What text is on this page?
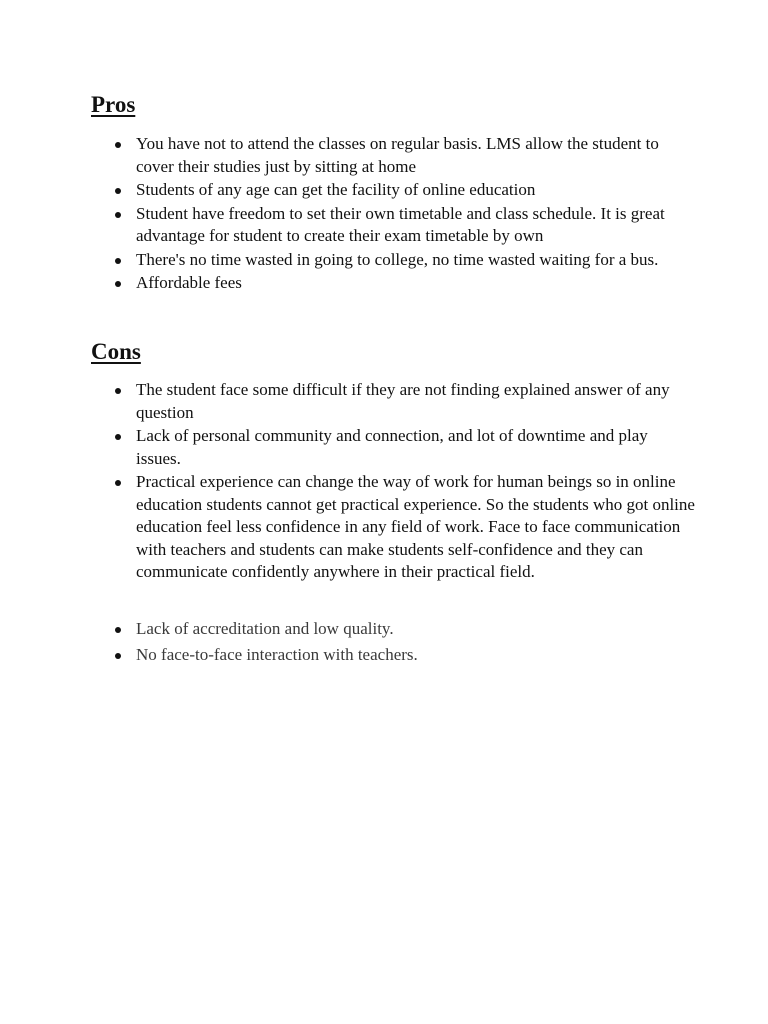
Pros
You have not to attend the classes on regular basis. LMS allow the student to cover their studies just by sitting at home
Students of any age can get the facility of online education
Student have freedom to set their own timetable and class schedule. It is great advantage for student to create their exam timetable by own
There's no time wasted in going to college, no time wasted waiting for a bus.
Affordable fees
Cons
The student face some difficult if they are not finding explained answer of any question
Lack of personal community and connection, and lot of downtime and play issues.
Practical experience can change the way of work for human beings so in online education students cannot get practical experience. So the students who got online education feel less confidence in any field of work. Face to face communication with teachers and students can make students self-confidence and they can communicate confidently anywhere in their practical field.
Lack of accreditation and low quality.
No face-to-face interaction with teachers.
